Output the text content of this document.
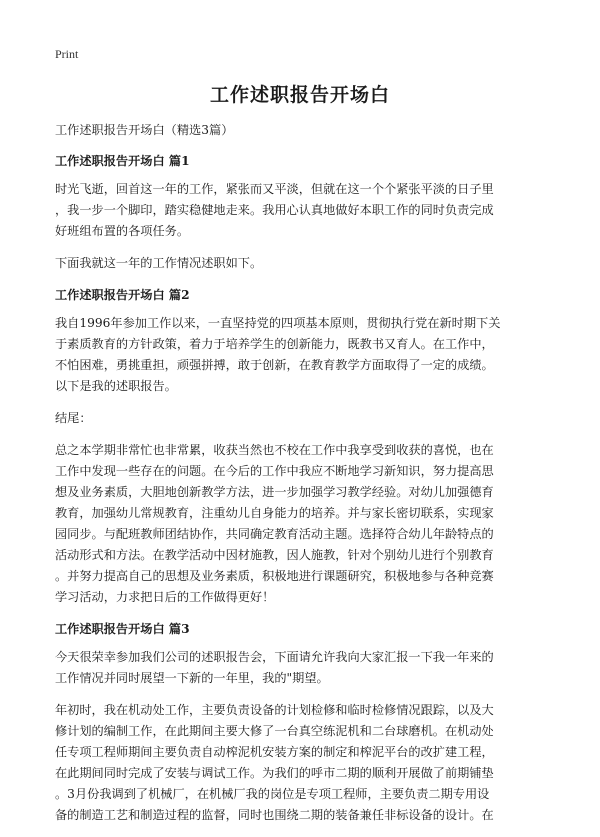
Print
工作述职报告开场白

工作述职报告开场白（精选3篇）

工作述职报告开场白 篇1

时光飞逝，回首这一年的工作，紧张而又平淡，但就在这一个个紧张平淡的日子里
，我一步一个脚印，踏实稳健地走来。我用心认真地做好本职工作的同时负责完成
好班组布置的各项任务。

下面我就这一年的工作情况述职如下。

工作述职报告开场白 篇2

我自1996年参加工作以来，一直坚持党的四项基本原则，贯彻执行党在新时期下关
于素质教育的方针政策，着力于培养学生的创新能力，既教书又育人。在工作中，
不怕困难，勇挑重担，顽强拼搏，敢于创新，在教育教学方面取得了一定的成绩。
以下是我的述职报告。

结尾：

总之本学期非常忙也非常累，收获当然也不校在工作中我享受到收获的喜悦，也在
工作中发现一些存在的问题。在今后的工作中我应不断地学习新知识，努力提高思
想及业务素质，大胆地创新教学方法，进一步加强学习教学经验。对幼儿加强德育
教育，加强幼儿常规教育，注重幼儿自身能力的培养。并与家长密切联系，实现家
园同步。与配班教师团结协作，共同确定教育活动主题。选择符合幼儿年龄特点的
活动形式和方法。在教学活动中因材施教，因人施教，针对个别幼儿进行个别教育
。并努力提高自己的思想及业务素质，积极地进行课题研究，积极地参与各种竞赛
学习活动，力求把日后的工作做得更好！

工作述职报告开场白 篇3

今天很荣幸参加我们公司的述职报告会，下面请允许我向大家汇报一下我一年来的
工作情况并同时展望一下新的一年里，我的"期望。

年初时，我在机动处工作，主要负责设备的计划检修和临时检修情况跟踪，以及大
修计划的编制工作，在此期间主要大修了一台真空练泥机和二台球磨机。在机动处
任专项工程师期间主要负责自动榨泥机安装方案的制定和榨泥平台的改扩建工程，
在此期间同时完成了安装与调试工作。为我们的呼市二期的顺利开展做了前期铺垫
。3月份我调到了机械厂，在机械厂我的岗位是专项工程师，主要负责二期专用设
备的制造工艺和制造过程的监督，同时也围绕二期的装备兼任非标设备的设计。在
